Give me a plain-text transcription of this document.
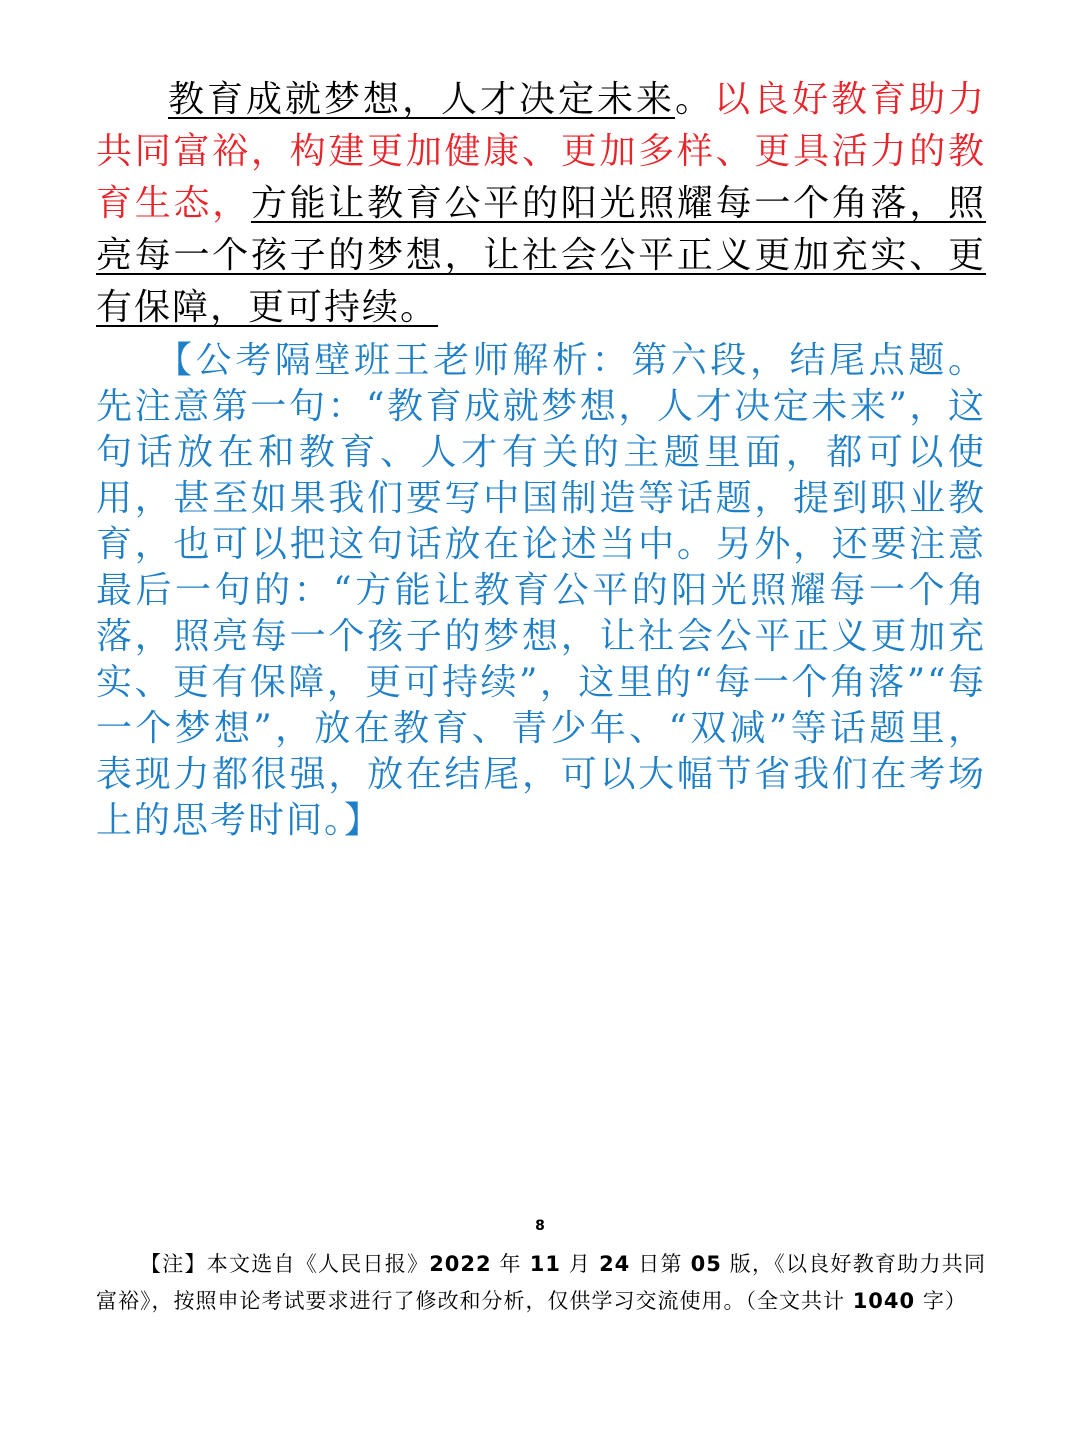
教育成就梦想，人才决定未来。以良好教育助力共同富裕，构建更加健康、更加多样、更具活力的教育生态，方能让教育公平的阳光照耀每一个角落，照亮每一个孩子的梦想，让社会公平正义更加充实、更有保障，更可持续。

【公考隔壁班王老师解析：第六段，结尾点题。先注意第一句：“教育成就梦想，人才决定未来”，这句话放在和教育、人才有关的主题里面，都可以使用，甚至如果我们要写中国制造等话题，提到职业教育，也可以把这句话放在论述当中。另外，还要注意最后一句的：“方能让教育公平的阳光照耀每一个角落，照亮每一个孩子的梦想，让社会公平正义更加充实、更有保障，更可持续”，这里的“每一个角落”“每一个梦想”，放在教育、青少年、“双减”等话题里，表现力都很强，放在结尾，可以大幅节省我们在考场上的思考时间。】

8

【注】本文选自《人民日报》2022 年 11 月 24 日第 05 版，《以良好教育助力共同富裕》，按照申论考试要求进行了修改和分析，仅供学习交流使用。（全文共计 1040 字）
